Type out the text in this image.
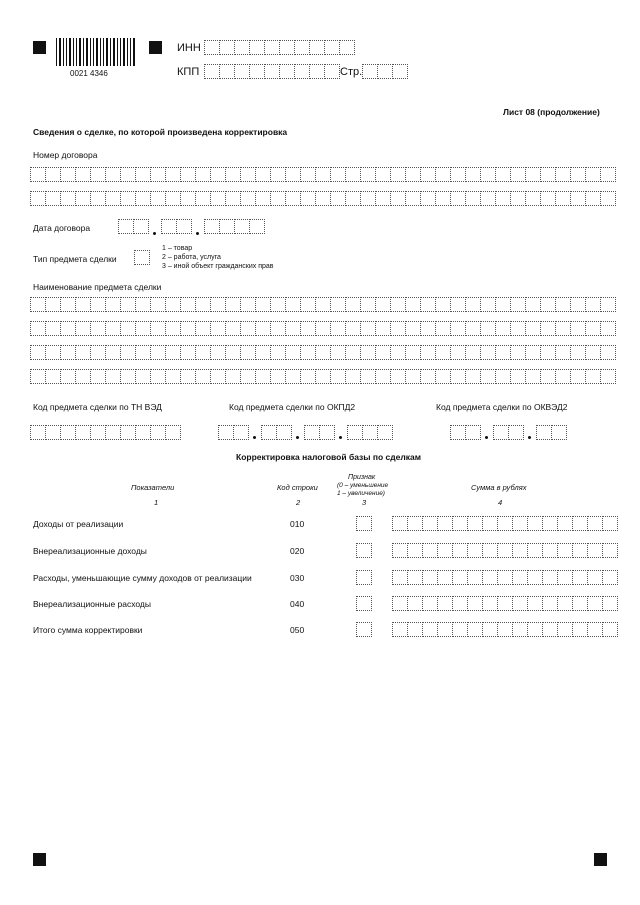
0021 4346
ИНН
КПП	Стр.
Лист 08 (продолжение)
Сведения о сделке, по которой произведена корректировка
Номер договора
Дата договора
Тип предмета сделки
1 – товар
2 – работа, услуга
3 – иной объект гражданских прав
Наименование предмета сделки
Код предмета сделки по ТН ВЭД	Код предмета сделки по ОКПД2	Код предмета сделки по ОКВЭД2
Корректировка налоговой базы по сделкам
Показатели	Код строки
Признак
(0 – уменьшение
1 – увеличение)
Сумма в рублях
1	2	3	4
Доходы от реализации	010
Внереализационные доходы	020
Расходы, уменьшающие сумму доходов от реализации	030
Внереализационные расходы	040
Итого сумма корректировки	050
